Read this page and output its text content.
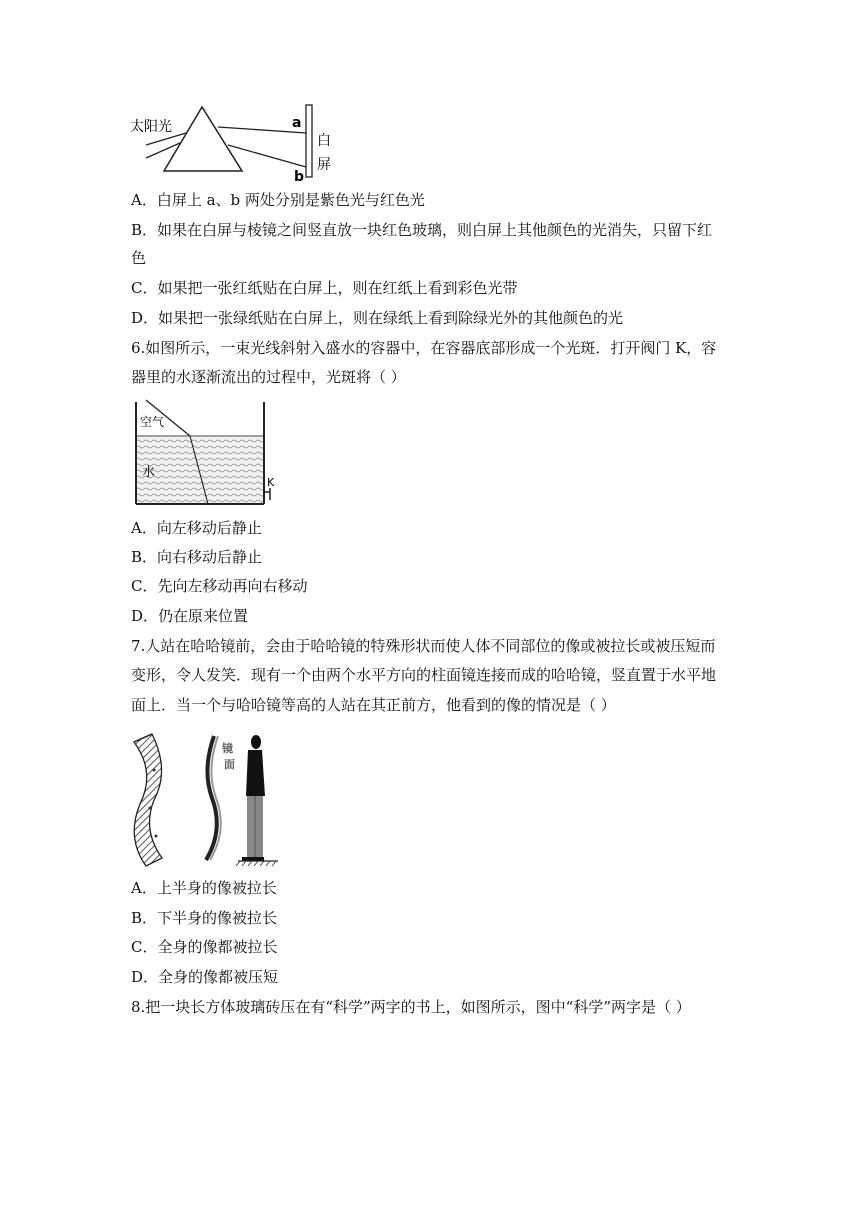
太阳光	a
b
白
屏
A．白屏上 a、b 两处分别是紫色光与红色光
B．如果在白屏与棱镜之间竖直放一块红色玻璃，则白屏上其他颜色的光消失，只留下红
色
C．如果把一张红纸贴在白屏上，则在红纸上看到彩色光带
D．如果把一张绿纸贴在白屏上，则在绿纸上看到除绿光外的其他颜色的光
6.如图所示，一束光线斜射入盛水的容器中，在容器底部形成一个光斑．打开阀门 K，容
器里的水逐渐流出的过程中，光斑将（ ）
空气
水
K
A．向左移动后静止
B．向右移动后静止
C．先向左移动再向右移动
D．仍在原来位置
7.人站在哈哈镜前，会由于哈哈镜的特殊形状而使人体不同部位的像或被拉长或被压短而
变形，令人发笑．现有一个由两个水平方向的柱面镜连接而成的哈哈镜，竖直置于水平地
面上．当一个与哈哈镜等高的人站在其正前方，他看到的像的情况是（ ）
镜
面
A．上半身的像被拉长
B．下半身的像被拉长
C．全身的像都被拉长
D．全身的像都被压短
8.把一块长方体玻璃砖压在有“科学”两字的书上，如图所示，图中“科学”两字是（ ）
